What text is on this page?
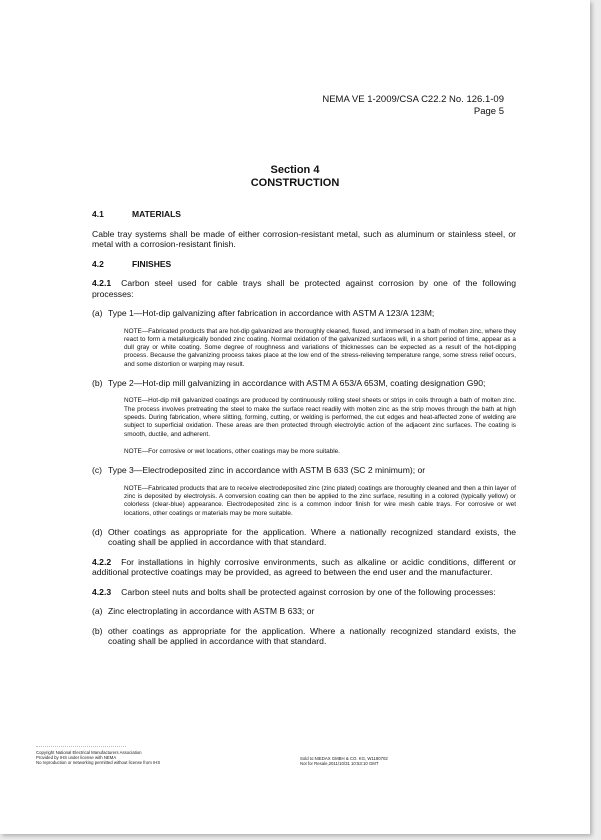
NEMA VE 1-2009/CSA C22.2 No. 126.1-09
Page 5
Section 4
CONSTRUCTION
4.1	MATERIALS

Cable tray systems shall be made of either corrosion-resistant metal, such as aluminum or stainless steel, or metal with a corrosion-resistant finish.

4.2	FINISHES

4.2.1 Carbon steel used for cable trays shall be protected against corrosion by one of the following processes:

(a) Type 1—Hot-dip galvanizing after fabrication in accordance with ASTM A 123/A 123M;

NOTE—Fabricated products that are hot-dip galvanized are thoroughly cleaned, fluxed, and immersed in a bath of molten zinc, where they react to form a metallurgically bonded zinc coating. Normal oxidation of the galvanized surfaces will, in a short period of time, appear as a dull gray or white coating. Some degree of roughness and variations of thicknesses can be expected as a result of the hot-dipping process. Because the galvanizing process takes place at the low end of the stress-relieving temperature range, some stress relief occurs, and some distortion or warping may result.

(b) Type 2—Hot-dip mill galvanizing in accordance with ASTM A 653/A 653M, coating designation G90;

NOTE—Hot-dip mill galvanized coatings are produced by continuously rolling steel sheets or strips in coils through a bath of molten zinc. The process involves pretreating the steel to make the surface react readily with molten zinc as the strip moves through the bath at high speeds. During fabrication, where slitting, forming, cutting, or welding is performed, the cut edges and heat-affected zone of welding are subject to superficial oxidation. These areas are then protected through electrolytic action of the adjacent zinc surfaces. The coating is smooth, ductile, and adherent.

NOTE—For corrosive or wet locations, other coatings may be more suitable.

(c) Type 3—Electrodeposited zinc in accordance with ASTM B 633 (SC 2 minimum); or

NOTE—Fabricated products that are to receive electrodeposited zinc (zinc plated) coatings are thoroughly cleaned and then a thin layer of zinc is deposited by electrolysis. A conversion coating can then be applied to the zinc surface, resulting in a colored (typically yellow) or colorless (clear-blue) appearance. Electrodeposited zinc is a common indoor finish for wire mesh cable trays. For corrosive or wet locations, other coatings or materials may be more suitable.

(d) Other coatings as appropriate for the application. Where a nationally recognized standard exists, the coating shall be applied in accordance with that standard.

4.2.2 For installations in highly corrosive environments, such as alkaline or acidic conditions, different or additional protective coatings may be provided, as agreed to between the end user and the manufacturer.

4.2.3 Carbon steel nuts and bolts shall be protected against corrosion by one of the following processes:

(a) Zinc electroplating in accordance with ASTM B 633; or
(b) other coatings as appropriate for the application. Where a nationally recognized standard exists, the coating shall be applied in accordance with that standard.
Copyright National Electrical Manufacturers Association
Provided by IHS under license with NEMA
No reproduction or networking permitted without license from IHS
Sold to:NIEDAX GMBH & CO. KG, W1180702
Not for Resale,2011/10/31 10:53:10 GMT
